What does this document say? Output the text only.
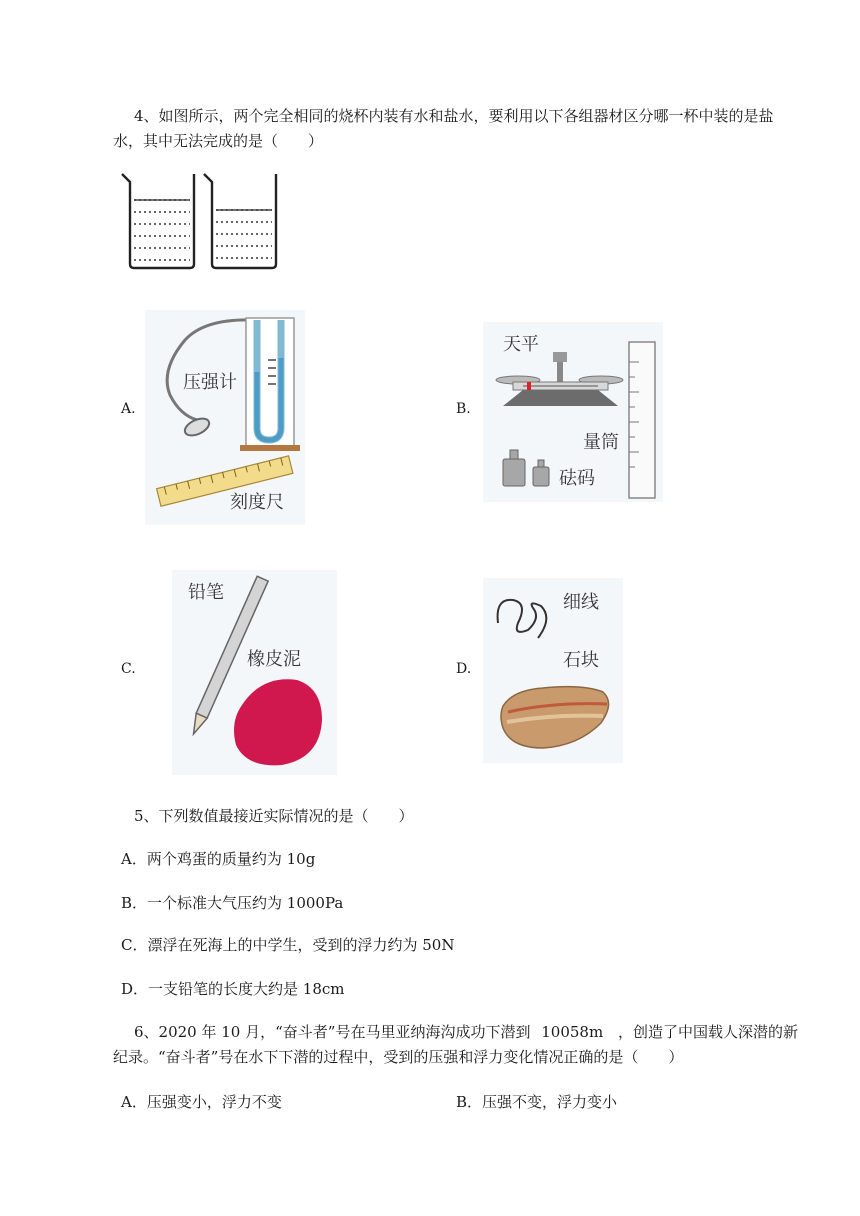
4、如图所示，两个完全相同的烧杯内装有水和盐水，要利用以下各组器材区分哪一杯中装的是盐
水，其中无法完成的是（　　）
A.
压强计
刻度尺
B.
天平
量筒
砝码
C.
铅笔
橡皮泥	D.
细线
石块
5、下列数值最接近实际情况的是（　　）
A．两个鸡蛋的质量约为 10g
B．一个标准大气压约为 1000Pa
C．漂浮在死海上的中学生，受到的浮力约为 50N
D．一支铅笔的长度大约是 18cm
6、2020 年 10 月，“奋斗者”号在马里亚纳海沟成功下潜到 10058m ，创造了中国载人深潜的新
纪录。“奋斗者”号在水下下潜的过程中，受到的压强和浮力变化情况正确的是（　　）
A．压强变小，浮力不变	B．压强不变，浮力变小
